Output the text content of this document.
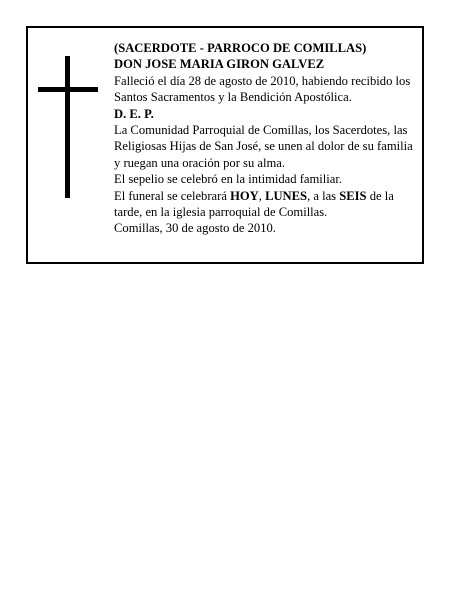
(SACERDOTE - PARROCO DE COMILLAS)

DON JOSE MARIA GIRON GALVEZ

Falleció el día 28 de agosto de 2010, habiendo recibido los Santos Sacramentos y la Bendición Apostólica.

D. E. P.

La Comunidad Parroquial de Comillas, los Sacerdotes, las Religiosas Hijas de San José, se unen al dolor de su familia y ruegan una oración por su alma.

El sepelio se celebró en la intimidad familiar.

El funeral se celebrará HOY, LUNES, a las SEIS de la tarde, en la iglesia parroquial de Comillas.

Comillas, 30 de agosto de 2010.
